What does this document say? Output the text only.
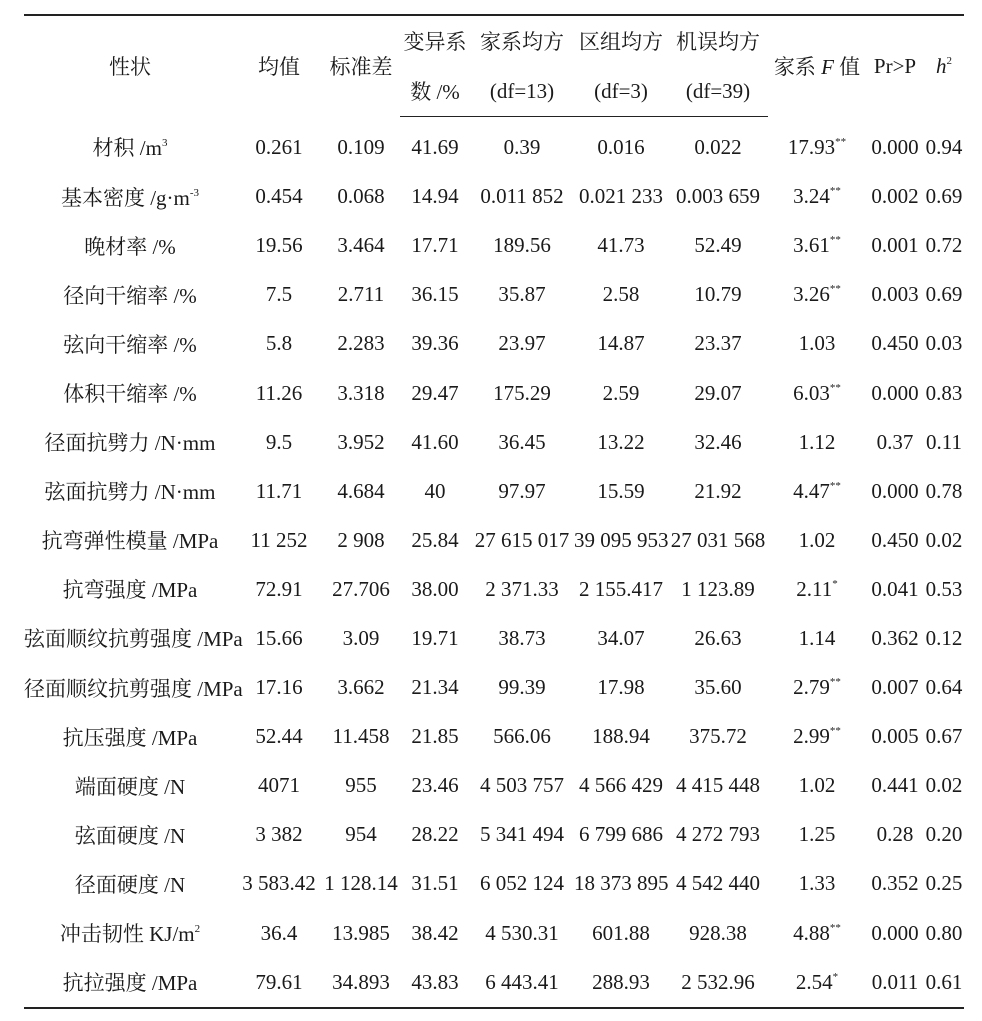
性状	均值	标准差	变异系	家系均方	区组均方	机误均方	家系 F 值	Pr>P	$h^2$
			数 /%	(df=13)	(df=3)	(df=39)			
材积 $/m^3$	0.261	0.109	41.69	0.39	0.016	0.022	17.93**	0.000	0.94
基本密度 $/g\cdot m^{-3}$	0.454	0.068	14.94	0.011 852	0.021 233	0.003 659	3.24**	0.002	0.69
晚材率 /%	19.56	3.464	17.71	189.56	41.73	52.49	3.61**	0.001	0.72
径向干缩率 /%	7.5	2.711	36.15	35.87	2.58	10.79	3.26**	0.003	0.69
弦向干缩率 /%	5.8	2.283	39.36	23.97	14.87	23.37	1.03	0.450	0.03
体积干缩率 /%	11.26	3.318	29.47	175.29	2.59	29.07	6.03**	0.000	0.83
径面抗劈力 /N·mm	9.5	3.952	41.60	36.45	13.22	32.46	1.12	0.37	0.11
弦面抗劈力 /N·mm	11.71	4.684	40	97.97	15.59	21.92	4.47**	0.000	0.78
抗弯弹性模量 /MPa	11 252	2 908	25.84	27 615 017	39 095 953	27 031 568	1.02	0.450	0.02
抗弯强度 /MPa	72.91	27.706	38.00	2 371.33	2 155.417	1 123.89	2.11*	0.041	0.53
弦面顺纹抗剪强度 /MPa	15.66	3.09	19.71	38.73	34.07	26.63	1.14	0.362	0.12
径面顺纹抗剪强度 /MPa	17.16	3.662	21.34	99.39	17.98	35.60	2.79**	0.007	0.64
抗压强度 /MPa	52.44	11.458	21.85	566.06	188.94	375.72	2.99**	0.005	0.67
端面硬度 /N	4071	955	23.46	4 503 757	4 566 429	4 415 448	1.02	0.441	0.02
弦面硬度 /N	3 382	954	28.22	5 341 494	6 799 686	4 272 793	1.25	0.28	0.20
径面硬度 /N	3 583.42	1 128.14	31.51	6 052 124	18 373 895	4 542 440	1.33	0.352	0.25
冲击韧性 $KJ/m^2$	36.4	13.985	38.42	4 530.31	601.88	928.38	4.88**	0.000	0.80
抗拉强度 /MPa	79.61	34.893	43.83	6 443.41	288.93	2 532.96	2.54*	0.011	0.61
